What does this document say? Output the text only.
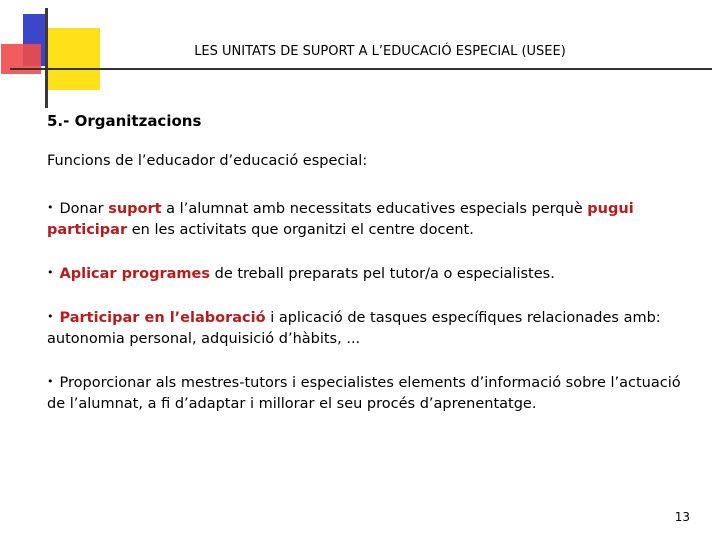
LES UNITATS DE SUPORT A L’EDUCACIÓ ESPECIAL (USEE)
5.- Organitzacions
Funcions de l’educador d’educació especial:
• Donar suport a l’alumnat amb necessitats educatives especials perquè pugui participar en les activitats que organitzi el centre docent.
• Aplicar programes de treball preparats pel tutor/a o especialistes.
• Participar en l’elaboració i aplicació de tasques específiques relacionades amb: autonomia personal, adquisició d’hàbits, ...
• Proporcionar als mestres-tutors i especialistes elements d’informació sobre l’actuació de l’alumnat, a fi d’adaptar i millorar el seu procés d’aprenentatge.
13
